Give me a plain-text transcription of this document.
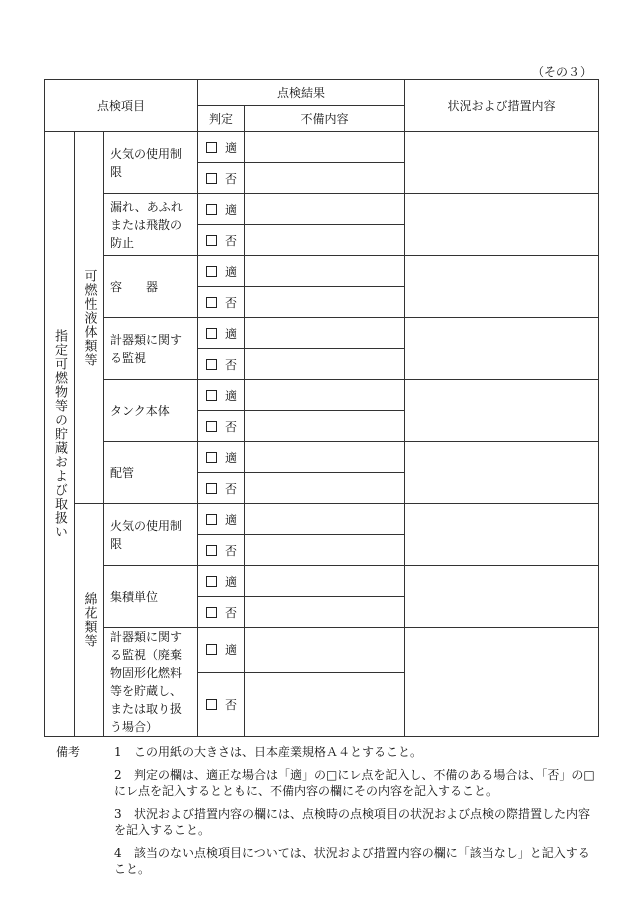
（その３）
点検項目			点検結果		状況および措置内容
			判定	不備内容	

指定可燃物等の貯蔵および取扱い	可燃性液体類等	火気の使用制限	適		
			否		
		漏れ、あふれまたは飛散の防止	適		
			否		
		容　　器	適		
			否		
		計器類に関する監視	適		
			否		
		タンク本体	適		
			否		
		配管	適		
			否		

	綿花類等	火気の使用制限	適		
			否		
		集積単位	適		
			否		
		計器類に関する監視（廃棄物固形化燃料等を貯蔵し、または取り扱う場合）	適		
			否		
備考	1 この用紙の大きさは、日本産業規格Ａ４とすること。
2 判定の欄は、適正な場合は「適」の□にレ点を記入し、不備のある場合は、「否」の□にレ点を記入するとともに、不備内容の欄にその内容を記入すること。
3 状況および措置内容の欄には、点検時の点検項目の状況および点検の際措置した内容を記入すること。
4 該当のない点検項目については、状況および措置内容の欄に「該当なし」と記入すること。
